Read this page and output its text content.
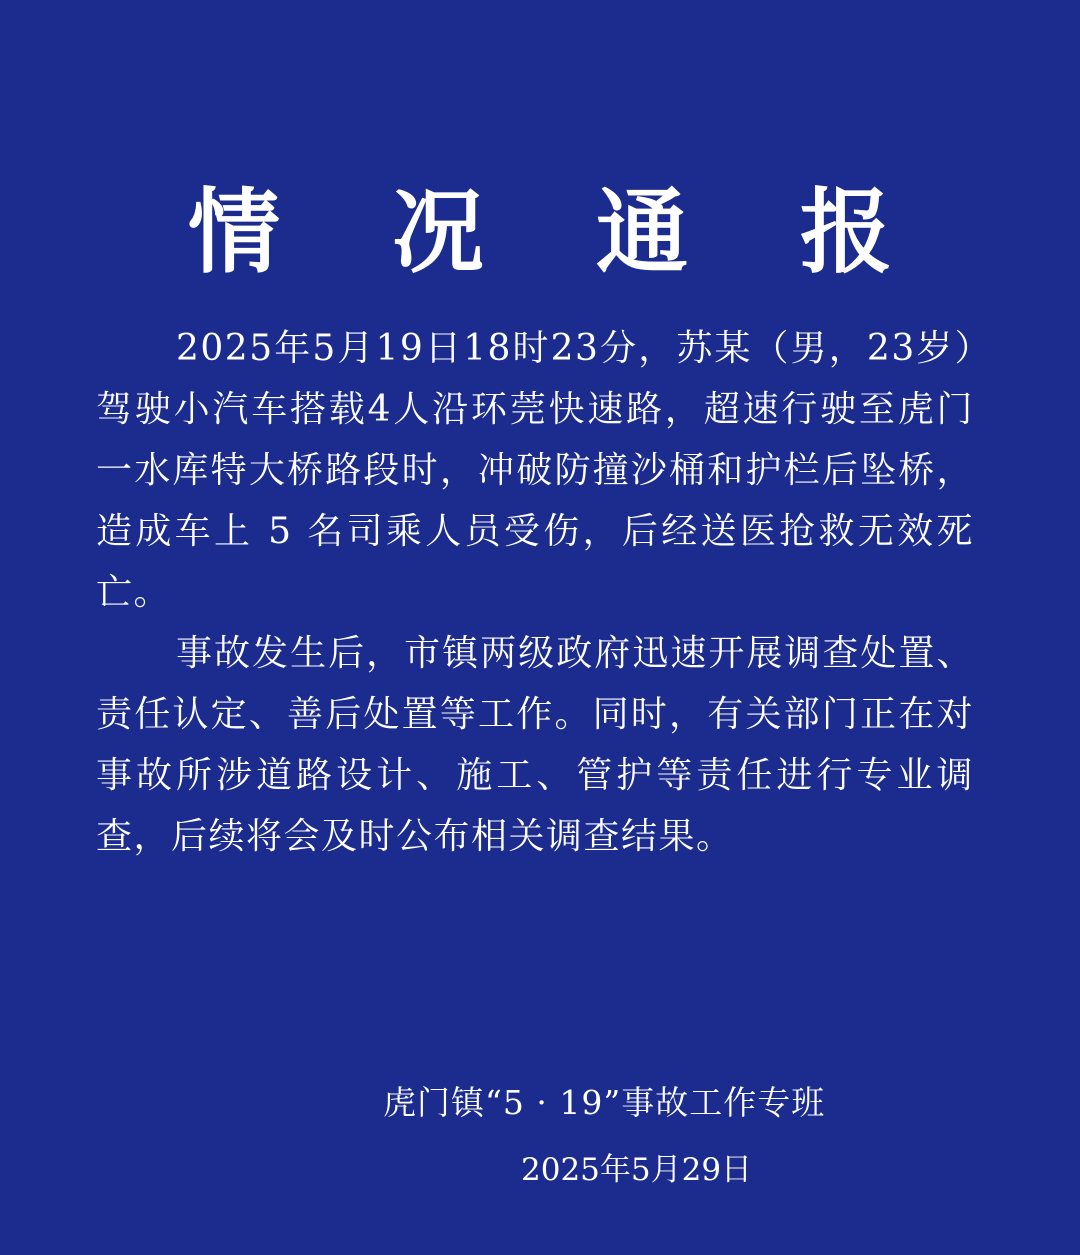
情 况 通 报

2025年5月19日18时23分，苏某（男，23岁）驾驶小汽车搭载4人沿环莞快速路，超速行驶至虎门一水库特大桥路段时，冲破防撞沙桶和护栏后坠桥，造成车上 5 名司乘人员受伤，后经送医抢救无效死亡。

事故发生后，市镇两级政府迅速开展调查处置、责任认定、善后处置等工作。同时，有关部门正在对事故所涉道路设计、施工、管护等责任进行专业调查，后续将会及时公布相关调查结果。

虎门镇“5 · 19”事故工作专班
2025年5月29日
